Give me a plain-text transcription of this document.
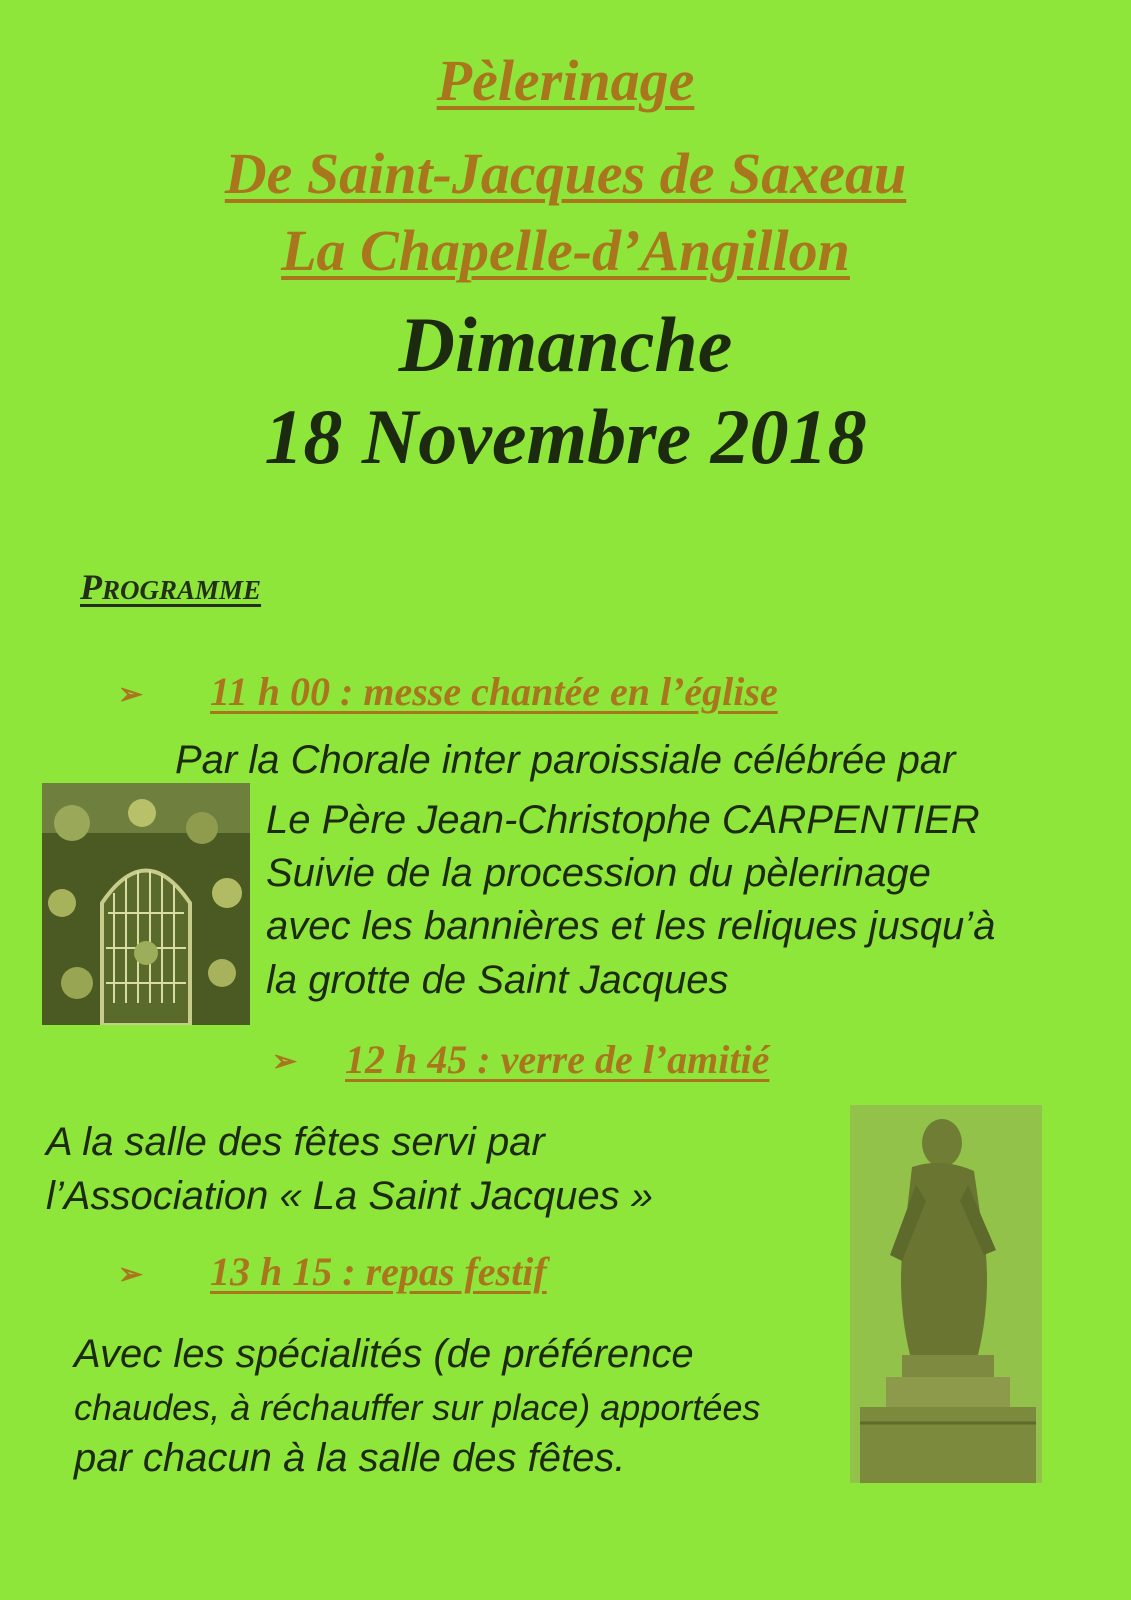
Pèlerinage
De Saint-Jacques de Saxeau
La Chapelle-d’Angillon
Dimanche
18 Novembre 2018
PROGRAMME
➢ 11 h 00 : messe chantée en l’église
Par la Chorale inter paroissiale célébrée par
Le Père Jean-Christophe CARPENTIER
Suivie de la procession du pèlerinage
avec les bannières et les reliques jusqu’à
la grotte de Saint Jacques
➢ 12 h 45 : verre de l’amitié
A la salle des fêtes servi par
l’Association « La Saint Jacques »
➢ 13 h 15 : repas festif
Avec les spécialités (de préférence
chaudes, à réchauffer sur place) apportées
par chacun à la salle des fêtes.
